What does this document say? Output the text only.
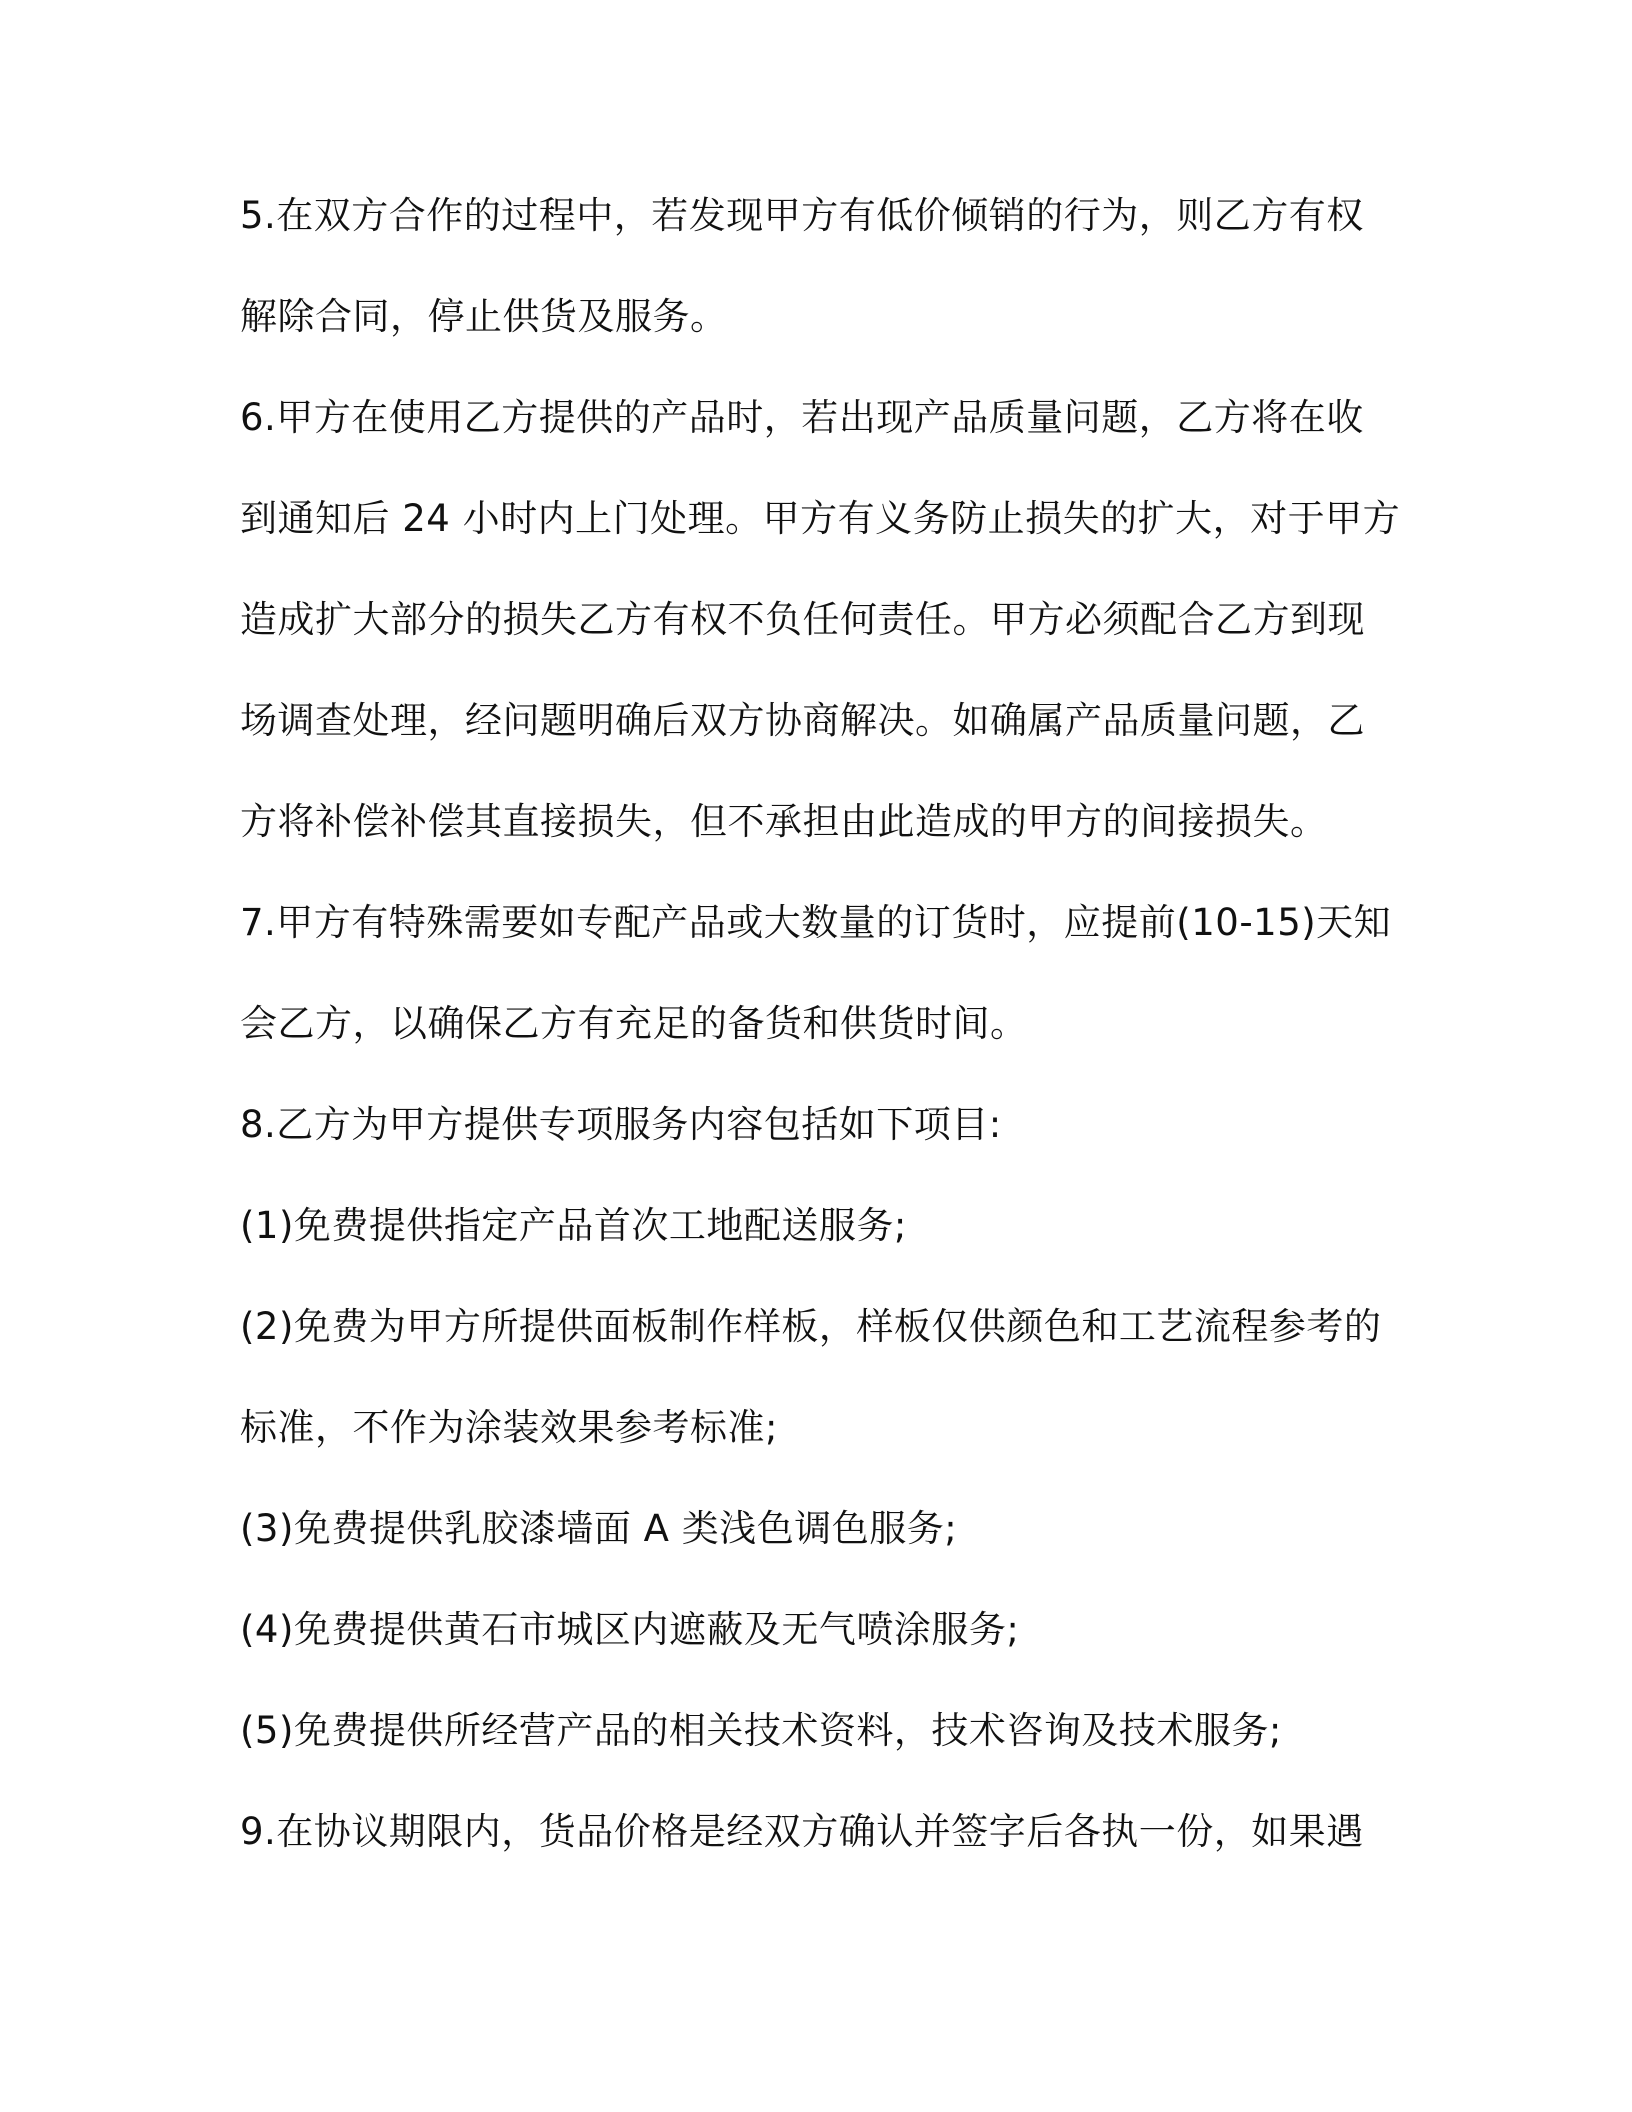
5.在双方合作的过程中，若发现甲方有低价倾销的行为，则乙方有权
解除合同，停止供货及服务。
6.甲方在使用乙方提供的产品时，若出现产品质量问题，乙方将在收
到通知后 24 小时内上门处理。甲方有义务防止损失的扩大，对于甲方
造成扩大部分的损失乙方有权不负任何责任。甲方必须配合乙方到现
场调查处理，经问题明确后双方协商解决。如确属产品质量问题，乙
方将补偿补偿其直接损失，但不承担由此造成的甲方的间接损失。
7.甲方有特殊需要如专配产品或大数量的订货时，应提前(10-15)天知
会乙方，以确保乙方有充足的备货和供货时间。
8.乙方为甲方提供专项服务内容包括如下项目:
(1)免费提供指定产品首次工地配送服务;
(2)免费为甲方所提供面板制作样板，样板仅供颜色和工艺流程参考的
标准，不作为涂装效果参考标准;
(3)免费提供乳胶漆墙面 A 类浅色调色服务;
(4)免费提供黄石市城区内遮蔽及无气喷涂服务;
(5)免费提供所经营产品的相关技术资料，技术咨询及技术服务;
9.在协议期限内，货品价格是经双方确认并签字后各执一份，如果遇
